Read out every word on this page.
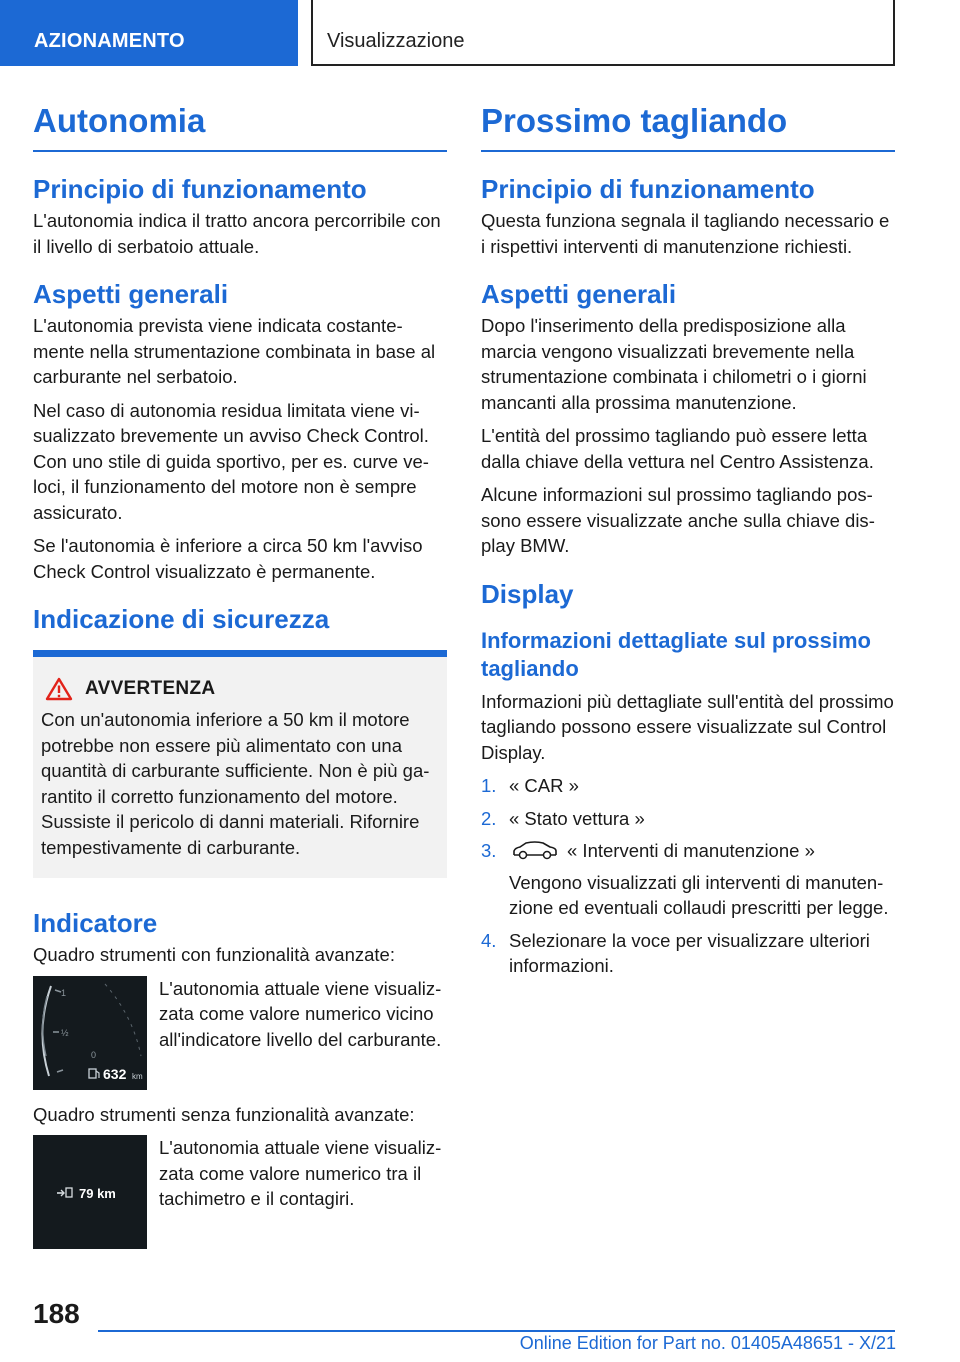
AZIONAMENTO	Visualizzazione
Autonomia
Principio di funzionamento

L'autonomia indica il tratto ancora percorribile con il livello di serbatoio attuale.

Aspetti generali

L'autonomia prevista viene indicata costantemente nella strumentazione combinata in base al carburante nel serbatoio.

Nel caso di autonomia residua limitata viene visualizzato brevemente un avviso Check Control. Con uno stile di guida sportivo, per es. curve veloci, il funzionamento del motore non è sempre assicurato.

Se l'autonomia è inferiore a circa 50 km l'avviso Check Control visualizzato è permanente.

Indicazione di sicurezza
AVVERTENZA

Con un'autonomia inferiore a 50 km il motore potrebbe non essere più alimentato con una quantità di carburante sufficiente. Non è più garantito il corretto funzionamento del motore. Sussiste il pericolo di danni materiali. Rifornire tempestivamente di carburante.

Indicatore

Quadro strumenti con funzionalità avanzate:

1
½
0
632 km
L'autonomia attuale viene visualizzata come valore numerico vicino all'indicatore livello del carburante.

Quadro strumenti senza funzionalità avanzate:

79 km
L'autonomia attuale viene visualizzata come valore numerico tra il tachimetro e il contagiri.
Prossimo tagliando
Principio di funzionamento

Questa funziona segnala il tagliando necessario e i rispettivi interventi di manutenzione richiesti.

Aspetti generali

Dopo l'inserimento della predisposizione alla marcia vengono visualizzati brevemente nella strumentazione combinata i chilometri o i giorni mancanti alla prossima manutenzione.

L'entità del prossimo tagliando può essere letta dalla chiave della vettura nel Centro Assistenza.

Alcune informazioni sul prossimo tagliando possono essere visualizzate anche sulla chiave display BMW.

Display
Informazioni dettagliate sul prossimo tagliando

Informazioni più dettagliate sull'entità del prossimo tagliando possono essere visualizzate sul Control Display.

1. « CAR »
2. « Stato vettura »
3.	« Interventi di manutenzione »
Vengono visualizzati gli interventi di manutenzione ed eventuali collaudi prescritti per legge.
4. Selezionare la voce per visualizzare ulteriori informazioni.
188
Online Edition for Part no. 01405A48651 - X/21
